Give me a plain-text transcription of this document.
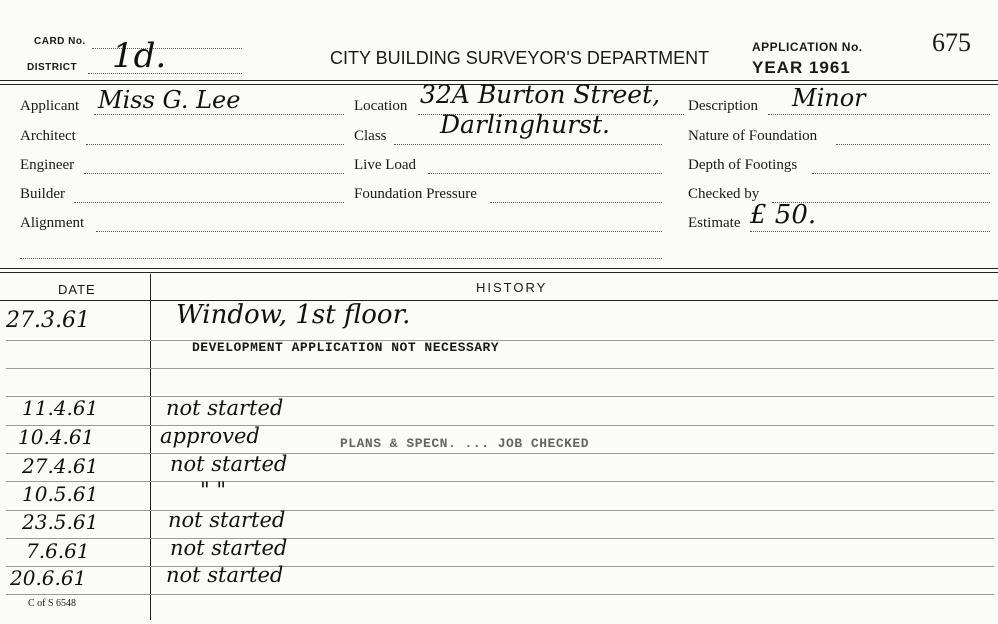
CARD No.
DISTRICT 1d.	CITY BUILDING SURVEYOR'S DEPARTMENT
APPLICATION No.	675
YEAR 1961
Applicant Miss G. Lee
Architect
Engineer
Builder
Alignment
Location 32A Burton Street,
Darlinghurst.
Class
Live Load
Foundation Pressure
Description Minor
Nature of Foundation
Depth of Footings
Checked by
Estimate £ 50.
DATE	HISTORY
27.3.61	Window, 1st floor.
DEVELOPMENT APPLICATION NOT NECESSARY
11.4.61	not started
10.4.61	approved	PLANS & SPECN. ... JOB CHECKED
27.4.61	not started
10.5.61	" "
23.5.61	not started
7.6.61	not started
20.6.61	not started
C of S 6548
